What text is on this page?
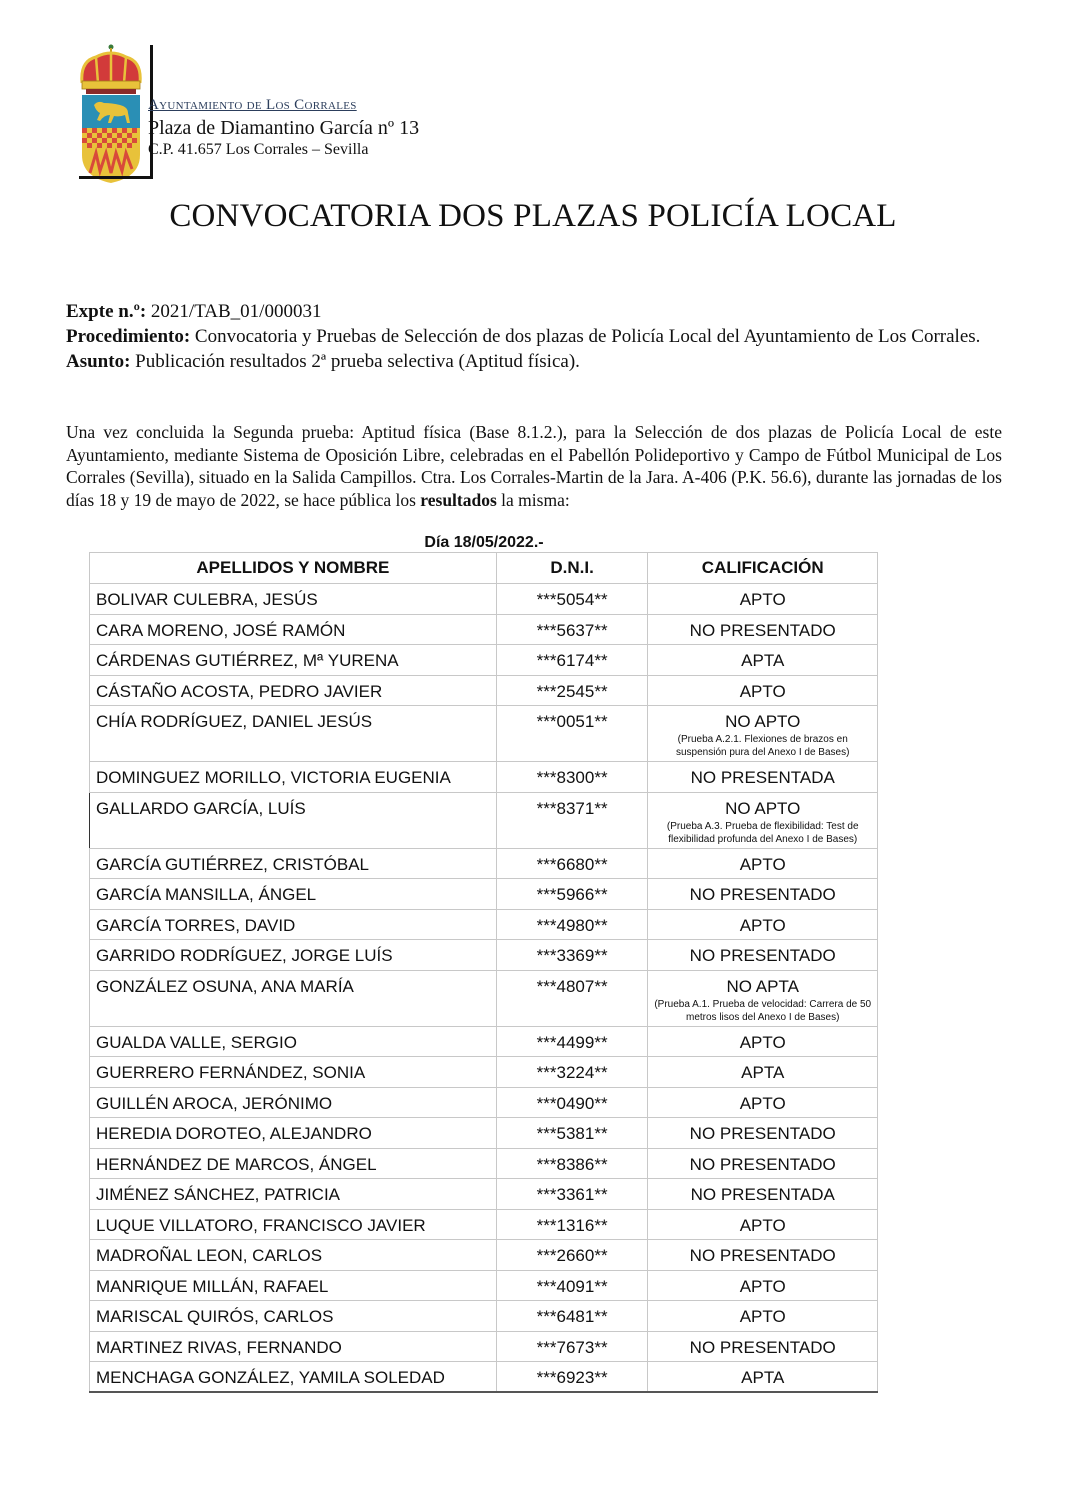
Ayuntamiento de Los Corrales
Plaza de Diamantino García nº 13
C.P. 41.657 Los Corrales – Sevilla
CONVOCATORIA DOS PLAZAS POLICÍA LOCAL
Expte n.º: 2021/TAB_01/000031
Procedimiento: Convocatoria y Pruebas de Selección de dos plazas de Policía Local del Ayuntamiento de Los Corrales.
Asunto: Publicación resultados 2ª prueba selectiva (Aptitud física).
Una vez concluida la Segunda prueba: Aptitud física (Base 8.1.2.), para la Selección de dos plazas de Policía Local de este Ayuntamiento, mediante Sistema de Oposición Libre, celebradas en el Pabellón Polideportivo y Campo de Fútbol Municipal de Los Corrales (Sevilla), situado en la Salida Campillos. Ctra. Los Corrales-Martin de la Jara. A-406 (P.K. 56.6), durante las jornadas de los días 18 y 19 de mayo de 2022, se hace pública los resultados la misma:
Día 18/05/2022.-
APELLIDOS Y NOMBRE	D.N.I.	CALIFICACIÓN
BOLIVAR CULEBRA, JESÚS	***5054**	APTO
CARA MORENO, JOSÉ RAMÓN	***5637**	NO PRESENTADO
CÁRDENAS GUTIÉRREZ, Mª YURENA	***6174**	APTA
CÁSTAÑO ACOSTA, PEDRO JAVIER	***2545**	APTO
CHÍA RODRÍGUEZ, DANIEL JESÚS	***0051**	NO APTO
(Prueba A.2.1. Flexiones de brazos en suspensión pura del Anexo I de Bases)

DOMINGUEZ MORILLO, VICTORIA EUGENIA	***8300**	NO PRESENTADA
GALLARDO GARCÍA, LUÍS	***8371**	NO APTO
(Prueba A.3. Prueba de flexibilidad: Test de flexibilidad profunda del Anexo I de Bases)

GARCÍA GUTIÉRREZ, CRISTÓBAL	***6680**	APTO
GARCÍA MANSILLA, ÁNGEL	***5966**	NO PRESENTADO
GARCÍA TORRES, DAVID	***4980**	APTO
GARRIDO RODRÍGUEZ, JORGE LUÍS	***3369**	NO PRESENTADO
GONZÁLEZ OSUNA, ANA MARÍA	***4807**	NO APTA
(Prueba A.1. Prueba de velocidad: Carrera de 50 metros lisos del Anexo I de Bases)

GUALDA VALLE, SERGIO	***4499**	APTO
GUERRERO FERNÁNDEZ, SONIA	***3224**	APTA
GUILLÉN AROCA, JERÓNIMO	***0490**	APTO
HEREDIA DOROTEO, ALEJANDRO	***5381**	NO PRESENTADO
HERNÁNDEZ DE MARCOS, ÁNGEL	***8386**	NO PRESENTADO
JIMÉNEZ SÁNCHEZ, PATRICIA	***3361**	NO PRESENTADA
LUQUE VILLATORO, FRANCISCO JAVIER	***1316**	APTO
MADROÑAL LEON, CARLOS	***2660**	NO PRESENTADO
MANRIQUE MILLÁN, RAFAEL	***4091**	APTO
MARISCAL QUIRÓS, CARLOS	***6481**	APTO
MARTINEZ RIVAS, FERNANDO	***7673**	NO PRESENTADO
MENCHAGA GONZÁLEZ, YAMILA SOLEDAD	***6923**	APTA
